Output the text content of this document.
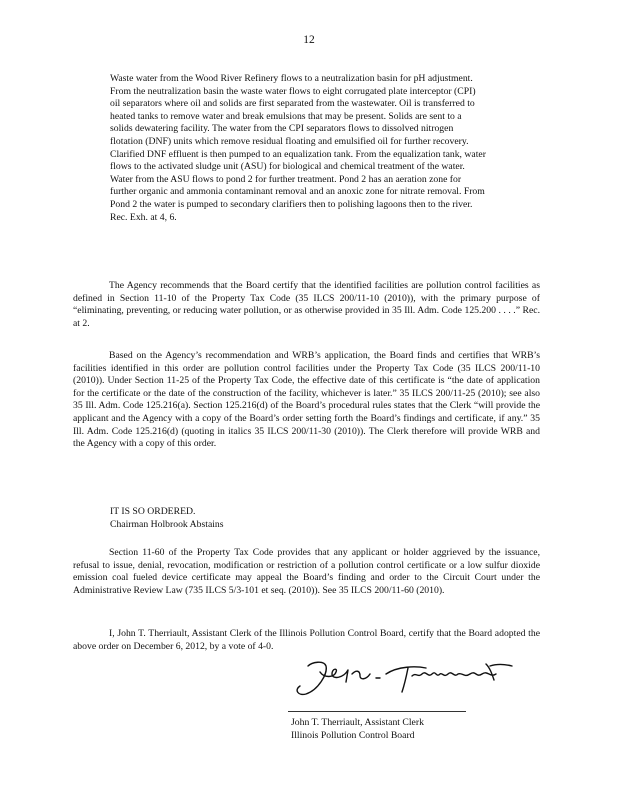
12

Waste water from the Wood River Refinery flows to a neutralization basin for pH adjustment. From the neutralization basin the waste water flows to eight corrugated plate interceptor (CPI) oil separators where oil and solids are first separated from the wastewater. Oil is transferred to heated tanks to remove water and break emulsions that may be present. Solids are sent to a solids dewatering facility. The water from the CPI separators flows to dissolved nitrogen flotation (DNF) units which remove residual floating and emulsified oil for further recovery. Clarified DNF effluent is then pumped to an equalization tank. From the equalization tank, water flows to the activated sludge unit (ASU) for biological and chemical treatment of the water. Water from the ASU flows to pond 2 for further treatment. Pond 2 has an aeration zone for further organic and ammonia contaminant removal and an anoxic zone for nitrate removal. From Pond 2 the water is pumped to secondary clarifiers then to polishing lagoons then to the river. Rec. Exh. at 4, 6.

The Agency recommends that the Board certify that the identified facilities are pollution control facilities as defined in Section 11-10 of the Property Tax Code (35 ILCS 200/11-10 (2010)), with the primary purpose of “eliminating, preventing, or reducing water pollution, or as otherwise provided in 35 Ill. Adm. Code 125.200 . . . .” Rec. at 2.

Based on the Agency’s recommendation and WRB’s application, the Board finds and certifies that WRB’s facilities identified in this order are pollution control facilities under the Property Tax Code (35 ILCS 200/11-10 (2010)). Under Section 11-25 of the Property Tax Code, the effective date of this certificate is “the date of application for the certificate or the date of the construction of the facility, whichever is later.” 35 ILCS 200/11-25 (2010); see also 35 Ill. Adm. Code 125.216(a). Section 125.216(d) of the Board’s procedural rules states that the Clerk “will provide the applicant and the Agency with a copy of the Board’s order setting forth the Board’s findings and certificate, if any.” 35 Ill. Adm. Code 125.216(d) (quoting in italics 35 ILCS 200/11-30 (2010)). The Clerk therefore will provide WRB and the Agency with a copy of this order.

IT IS SO ORDERED.
Chairman Holbrook Abstains

Section 11-60 of the Property Tax Code provides that any applicant or holder aggrieved by the issuance, refusal to issue, denial, revocation, modification or restriction of a pollution control certificate or a low sulfur dioxide emission coal fueled device certificate may appeal the Board’s finding and order to the Circuit Court under the Administrative Review Law (735 ILCS 5/3-101 et seq. (2010)). See 35 ILCS 200/11-60 (2010).

I, John T. Therriault, Assistant Clerk of the Illinois Pollution Control Board, certify that the Board adopted the above order on December 6, 2012, by a vote of 4-0.

John T. Therriault, Assistant Clerk
Illinois Pollution Control Board
